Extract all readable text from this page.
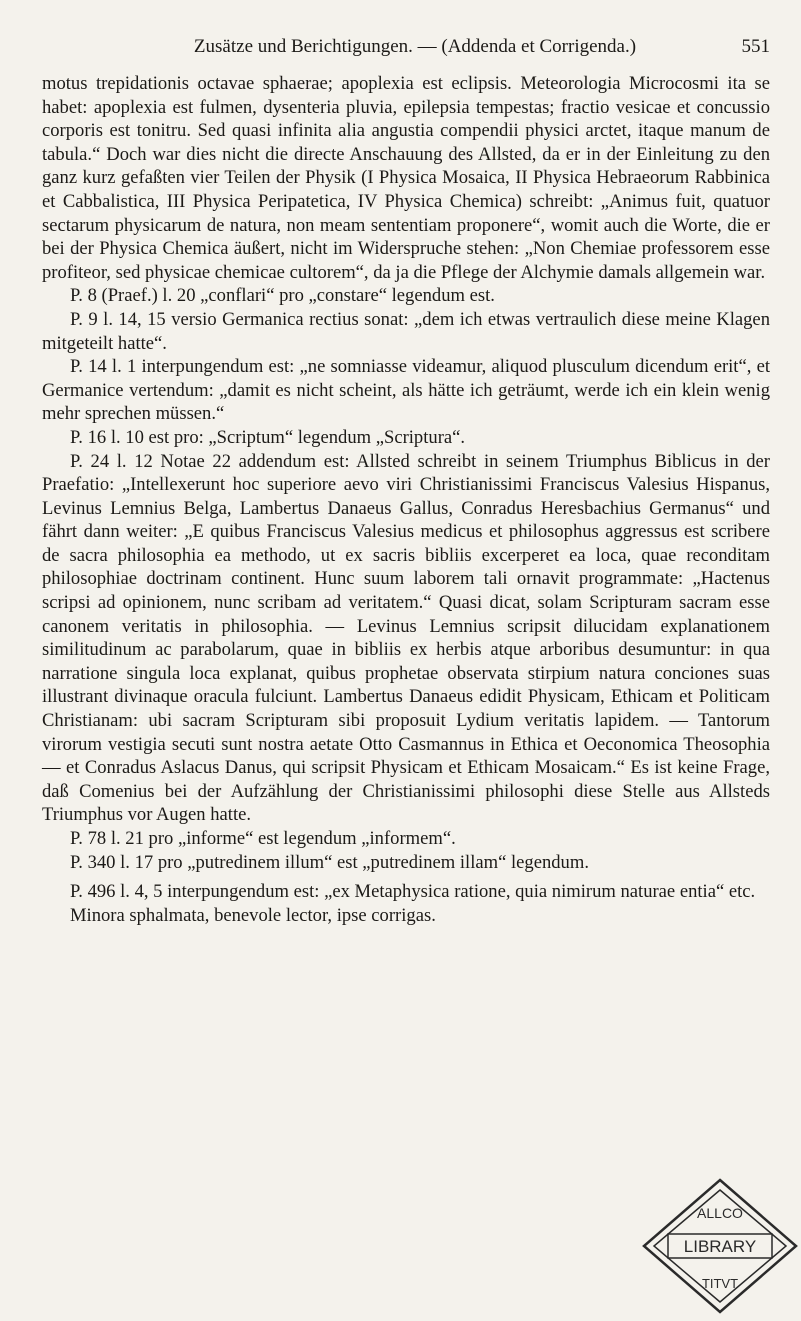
Zusätze und Berichtigungen. — (Addenda et Corrigenda.)	551

motus trepidationis octavae sphaerae; apoplexia est eclipsis. Meteorologia Microcosmi ita se habet: apoplexia est fulmen, dysenteria pluvia, epilepsia tempestas; fractio vesicae et concussio corporis est tonitru. Sed quasi infinita alia angustia compendii physici arctet, itaque manum de tabula.“ Doch war dies nicht die directe Anschauung des Allsted, da er in der Einleitung zu den ganz kurz gefaßten vier Teilen der Physik (I Physica Mosaica, II Physica Hebraeorum Rabbinica et Cabbalistica, III Physica Peripatetica, IV Physica Chemica) schreibt: „Animus fuit, quatuor sectarum physicarum de natura, non meam sententiam proponere“, womit auch die Worte, die er bei der Physica Chemica äußert, nicht im Widerspruche stehen: „Non Chemiae professorem esse profiteor, sed physicae chemicae cultorem“, da ja die Pflege der Alchymie damals allgemein war.

P. 8 (Praef.) l. 20 „conflari“ pro „constare“ legendum est.

P. 9 l. 14, 15 versio Germanica rectius sonat: „dem ich etwas vertraulich diese meine Klagen mitgeteilt hatte“.

P. 14 l. 1 interpungendum est: „ne somniasse videamur, aliquod plusculum dicendum erit“, et Germanice vertendum: „damit es nicht scheint, als hätte ich geträumt, werde ich ein klein wenig mehr sprechen müssen.“

P. 16 l. 10 est pro: „Scriptum“ legendum „Scriptura“.

P. 24 l. 12 Notae 22 addendum est: Allsted schreibt in seinem Triumphus Biblicus in der Praefatio: „Intellexerunt hoc superiore aevo viri Christianissimi Franciscus Valesius Hispanus, Levinus Lemnius Belga, Lambertus Danaeus Gallus, Conradus Heresbachius Germanus“ und fährt dann weiter: „E quibus Franciscus Valesius medicus et philosophus aggressus est scribere de sacra philosophia ea methodo, ut ex sacris bibliis excerperet ea loca, quae reconditam philosophiae doctrinam continent. Hunc suum laborem tali ornavit programmate: „Hactenus scripsi ad opinionem, nunc scribam ad veritatem.“ Quasi dicat, solam Scripturam sacram esse canonem veritatis in philosophia. — Levinus Lemnius scripsit dilucidam explanationem similitudinum ac parabolarum, quae in bibliis ex herbis atque arboribus desumuntur: in qua narratione singula loca explanat, quibus prophetae observata stirpium natura conciones suas illustrant divinaque oracula fulciunt. Lambertus Danaeus edidit Physicam, Ethicam et Politicam Christianam: ubi sacram Scripturam sibi proposuit Lydium veritatis lapidem. — Tantorum virorum vestigia secuti sunt nostra aetate Otto Casmannus in Ethica et Oeconomica Theosophia — et Conradus Aslacus Danus, qui scripsit Physicam et Ethicam Mosaicam.“ Es ist keine Frage, daß Comenius bei der Aufzählung der Christianissimi philosophi diese Stelle aus Allsteds Triumphus vor Augen hatte.

P. 78 l. 21 pro „informe“ est legendum „informem“.

P. 340 l. 17 pro „putredinem illum“ est „putredinem illam“ legendum.

P. 496 l. 4, 5 interpungendum est: „ex Metaphysica ratione, quia nimirum naturae entia“ etc.

Minora sphalmata, benevole lector, ipse corrigas.

LIBRARY
ALLCO
TITVT
